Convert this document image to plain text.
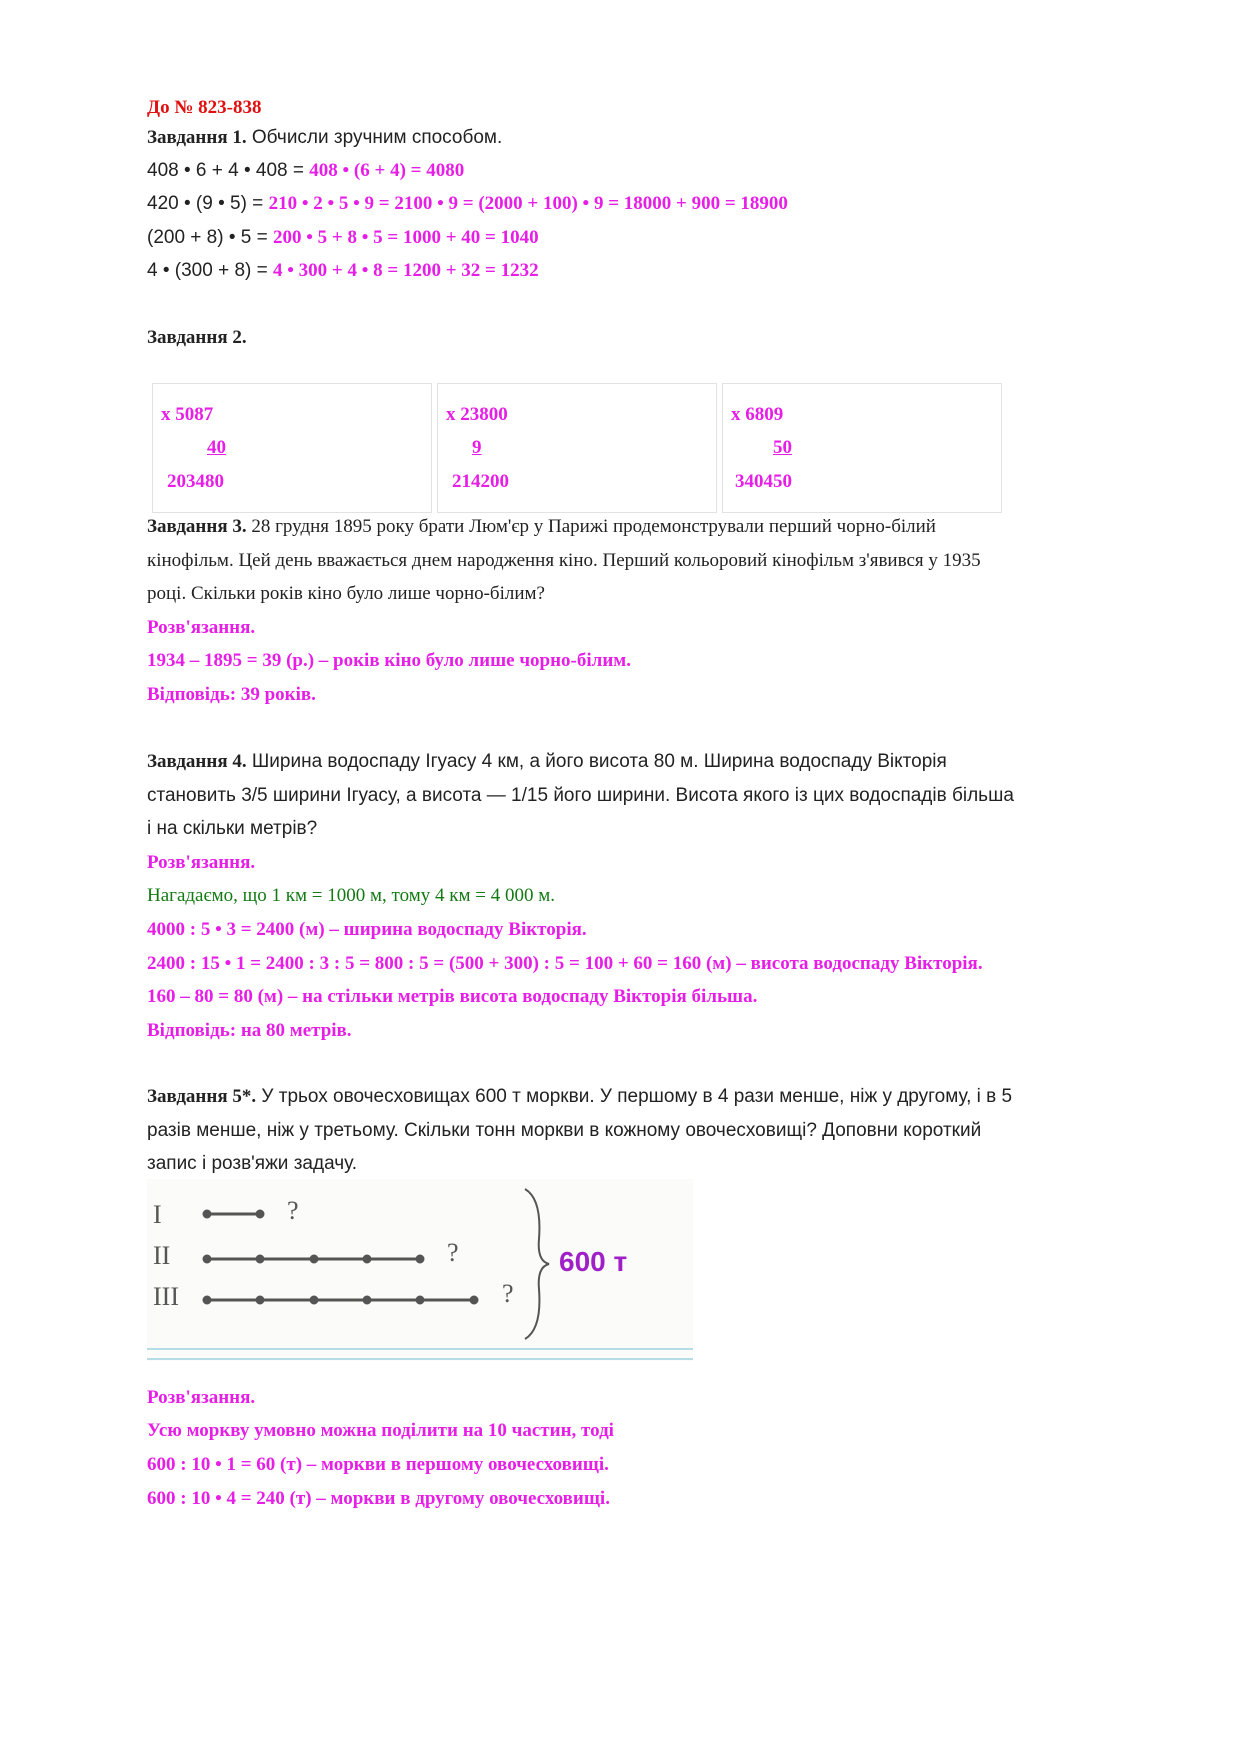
До № 823-838
Завдання 1. Обчисли зручним способом.
408 • 6 + 4 • 408 = 408 • (6 + 4) = 4080
420 • (9 • 5) = 210 • 2 • 5 • 9 = 2100 • 9 = (2000 + 100) • 9 = 18000 + 900 = 18900
(200 + 8) • 5 = 200 • 5 + 8 • 5 = 1000 + 40 = 1040
4 • (300 + 8) = 4 • 300 + 4 • 8 = 1200 + 32 = 1232
Завдання 2.
x 5087
40
203480
x 23800
9
214200
x 6809
50
340450
Завдання 3. 28 грудня 1895 року брати Люм'єр у Парижі продемонстрували перший чорно-білий
кінофільм. Цей день вважається днем народження кіно. Перший кольоровий кінофільм з'явився у 1935
році. Скільки років кіно було лише чорно-білим?
Розв'язання.
1934 – 1895 = 39 (р.) – років кіно було лише чорно-білим.
Відповідь: 39 років.
Завдання 4. Ширина водоспаду Ігуасу 4 км, а його висота 80 м. Ширина водоспаду Вікторія
становить 3/5 ширини Ігуасу, а висота — 1/15 його ширини. Висота якого із цих водоспадів більша
і на скільки метрів?
Розв'язання.
Нагадаємо, що 1 км = 1000 м, тому 4 км = 4 000 м.
4000 : 5 • 3 = 2400 (м) – ширина водоспаду Вікторія.
2400 : 15 • 1 = 2400 : 3 : 5 = 800 : 5 = (500 + 300) : 5 = 100 + 60 = 160 (м) – висота водоспаду Вікторія.
160 – 80 = 80 (м) – на стільки метрів висота водоспаду Вікторія більша.
Відповідь: на 80 метрів.
Завдання 5*. У трьох овочесховищах 600 т моркви. У першому в 4 рази менше, ніж у другому, і в 5
разів менше, ніж у третьому. Скільки тонн моркви в кожному овочесховищі? Доповни короткий
запис і розв'яжи задачу.
I
II
III
?
?
?
600 т
Розв'язання.
Усю моркву умовно можна поділити на 10 частин, тоді
600 : 10 • 1 = 60 (т) – моркви в першому овочесховищі.
600 : 10 • 4 = 240 (т) – моркви в другому овочесховищі.
